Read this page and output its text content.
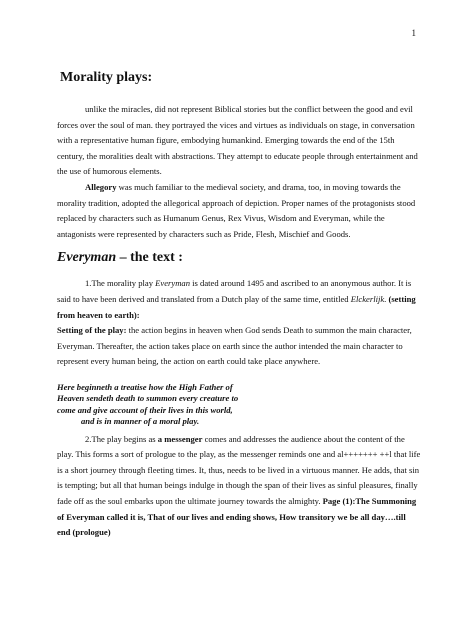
1
Morality plays:

unlike the miracles, did not represent Biblical stories but the conflict between the good and evil forces over the soul of man. they portrayed the vices and virtues as individuals on stage, in conversation with a representative human figure, embodying humankind. Emerging towards the end of the 15th century, the moralities dealt with abstractions. They attempt to educate people through entertainment and the use of humorous elements.

Allegory was much familiar to the medieval society, and drama, too, in moving towards the morality tradition, adopted the allegorical approach of depiction. Proper names of the protagonists stood replaced by characters such as Humanum Genus, Rex Vivus, Wisdom and Everyman, while the antagonists were represented by characters such as Pride, Flesh, Mischief and Goods.

Everyman – the text :

1.The morality play Everyman is dated around 1495 and ascribed to an anonymous author. It is said to have been derived and translated from a Dutch play of the same time, entitled Elckerlijk. (setting from heaven to earth):

Setting of the play: the action begins in heaven when God sends Death to summon the main character, Everyman. Thereafter, the action takes place on earth since the author intended the main character to represent every human being, the action on earth could take place anywhere.

Here beginneth a treatise how the High Father of
Heaven sendeth death to summon every creature to
come and give account of their lives in this world,
and is in manner of a moral play.

2.The play begins as a messenger comes and addresses the audience about the content of the play. This forms a sort of prologue to the play, as the messenger reminds one and al+++++++ ++l that life is a short journey through fleeting times. It, thus, needs to be lived in a virtuous manner. He adds, that sin is tempting; but all that human beings indulge in though the span of their lives as sinful pleasures, finally fade off as the soul embarks upon the ultimate journey towards the almighty. Page (1):The Summoning of Everyman called it is, That of our lives and ending shows, How transitory we be all day….till end (prologue)
